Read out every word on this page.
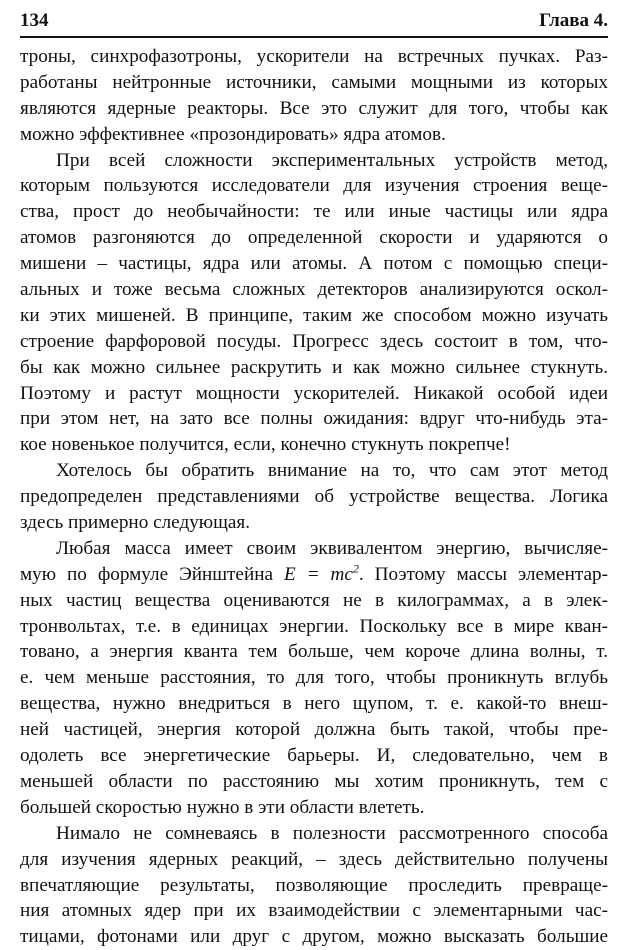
134	Глава 4.
троны, синхрофазотроны, ускорители на встречных пучках. Раз-
работаны нейтронные источники, самыми мощными из которых
являются ядерные реакторы. Все это служит для того, чтобы как
можно эффективнее «прозондировать» ядра атомов.
При всей сложности экспериментальных устройств метод,
которым пользуются исследователи для изучения строения веще-
ства, прост до необычайности: те или иные частицы или ядра
атомов разгоняются до определенной скорости и ударяются о
мишени – частицы, ядра или атомы. А потом с помощью специ-
альных и тоже весьма сложных детекторов анализируются оскол-
ки этих мишеней. В принципе, таким же способом можно изучать
строение фарфоровой посуды. Прогресс здесь состоит в том, что-
бы как можно сильнее раскрутить и как можно сильнее стукнуть.
Поэтому и растут мощности ускорителей. Никакой особой идеи
при этом нет, на зато все полны ожидания: вдруг что-нибудь эта-
кое новенькое получится, если, конечно стукнуть покрепче!
Хотелось бы обратить внимание на то, что сам этот метод
предопределен представлениями об устройстве вещества. Логика
здесь примерно следующая.
Любая масса имеет своим эквивалентом энергию, вычисляе-
мую по формуле Эйнштейна $E = mc^2$. Поэтому массы элементар-
ных частиц вещества оцениваются не в килограммах, а в элек-
тронвольтах, т.е. в единицах энергии. Поскольку все в мире кван-
товано, а энергия кванта тем больше, чем короче длина волны, т.
е. чем меньше расстояния, то для того, чтобы проникнуть вглубь
вещества, нужно внедриться в него щупом, т. е. какой-то внеш-
ней частицей, энергия которой должна быть такой, чтобы пре-
одолеть все энергетические барьеры. И, следовательно, чем в
меньшей области по расстоянию мы хотим проникнуть, тем с
большей скоростью нужно в эти области влететь.
Нимало не сомневаясь в полезности рассмотренного способа
для изучения ядерных реакций, – здесь действительно получены
впечатляющие результаты, позволяющие проследить превраще-
ния атомных ядер при их взаимодействии с элементарными час-
тицами, фотонами или друг с другом, можно высказать большие
